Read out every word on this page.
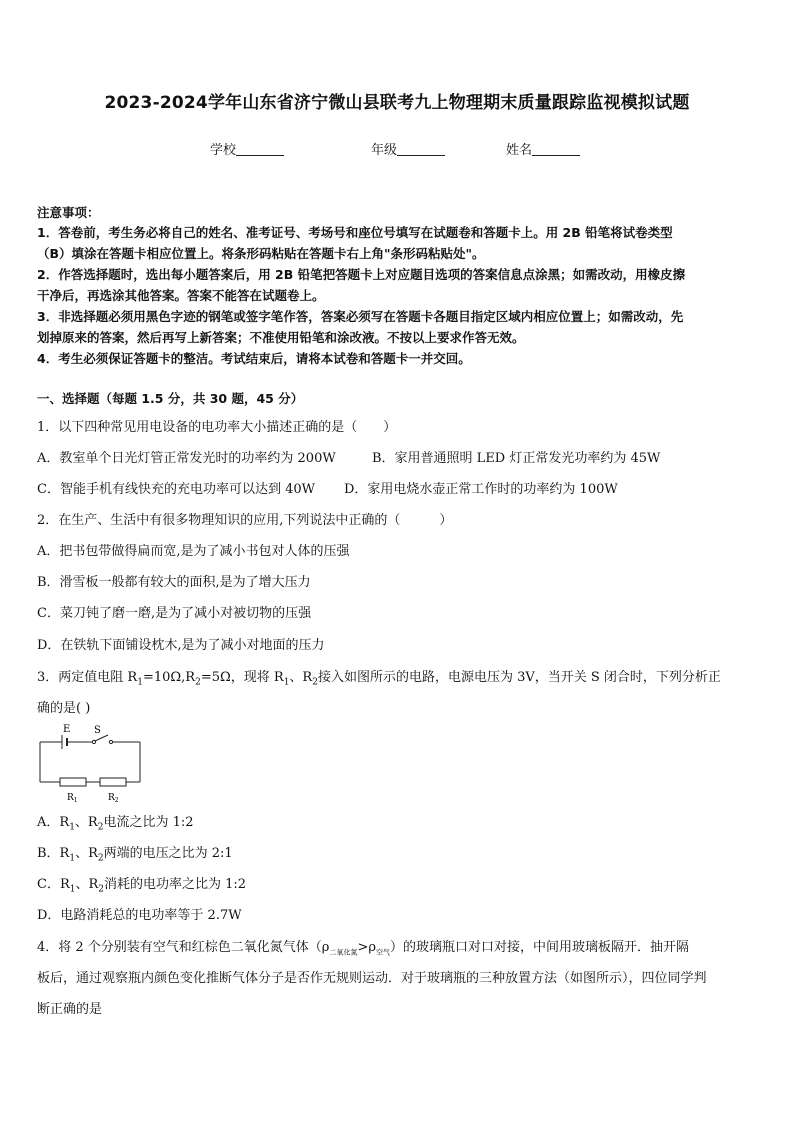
2023-2024学年山东省济宁微山县联考九上物理期末质量跟踪监视模拟试题
学校	年级	姓名
注意事项：
1．答卷前，考生务必将自己的姓名、准考证号、考场号和座位号填写在试题卷和答题卡上。用 2B 铅笔将试卷类型
（B）填涂在答题卡相应位置上。将条形码粘贴在答题卡右上角"条形码粘贴处"。
2．作答选择题时，选出每小题答案后，用 2B 铅笔把答题卡上对应题目选项的答案信息点涂黑；如需改动，用橡皮擦
干净后，再选涂其他答案。答案不能答在试题卷上。
3．非选择题必须用黑色字迹的钢笔或签字笔作答，答案必须写在答题卡各题目指定区域内相应位置上；如需改动，先
划掉原来的答案，然后再写上新答案；不准使用铅笔和涂改液。不按以上要求作答无效。
4．考生必须保证答题卡的整洁。考试结束后，请将本试卷和答题卡一并交回。
一、选择题（每题 1.5 分，共 30 题，45 分）
1．以下四种常见用电设备的电功率大小描述正确的是（　　）
A．教室单个日光灯管正常发光时的功率约为 200W	B．家用普通照明 LED 灯正常发光功率约为 45W
C．智能手机有线快充的充电功率可以达到 40W D．家用电烧水壶正常工作时的功率约为 100W
2．在生产、生活中有很多物理知识的应用,下列说法中正确的（　　　）
A．把书包带做得扁而宽,是为了减小书包对人体的压强
B．滑雪板一般都有较大的面积,是为了增大压力
C．菜刀钝了磨一磨,是为了减小对被切物的压强
D．在铁轨下面铺设枕木,是为了减小对地面的压力
3．两定值电阻 $R_1=10\Omega,R_2=5\Omega$，现将 $R_1$、$R_2$接入如图所示的电路，电源电压为 3V，当开关 S 闭合时，下列分析正
确的是( )
E S
$R_1$	$R_2$
A．$R_1$、$R_2$电流之比为 1:2
B．$R_1$、$R_2$两端的电压之比为 2:1
C．$R_1$、$R_2$消耗的电功率之比为 1:2
D．电路消耗总的电功率等于 2.7W
4．将 2 个分别装有空气和红棕色二氧化氮气体$(\rho_{二氧化氮}>\rho_{空气})$的玻璃瓶口对口对接，中间用玻璃板隔开．抽开隔
板后，通过观察瓶内颜色变化推断气体分子是否作无规则运动．对于玻璃瓶的三种放置方法（如图所示），四位同学判
断正确的是
